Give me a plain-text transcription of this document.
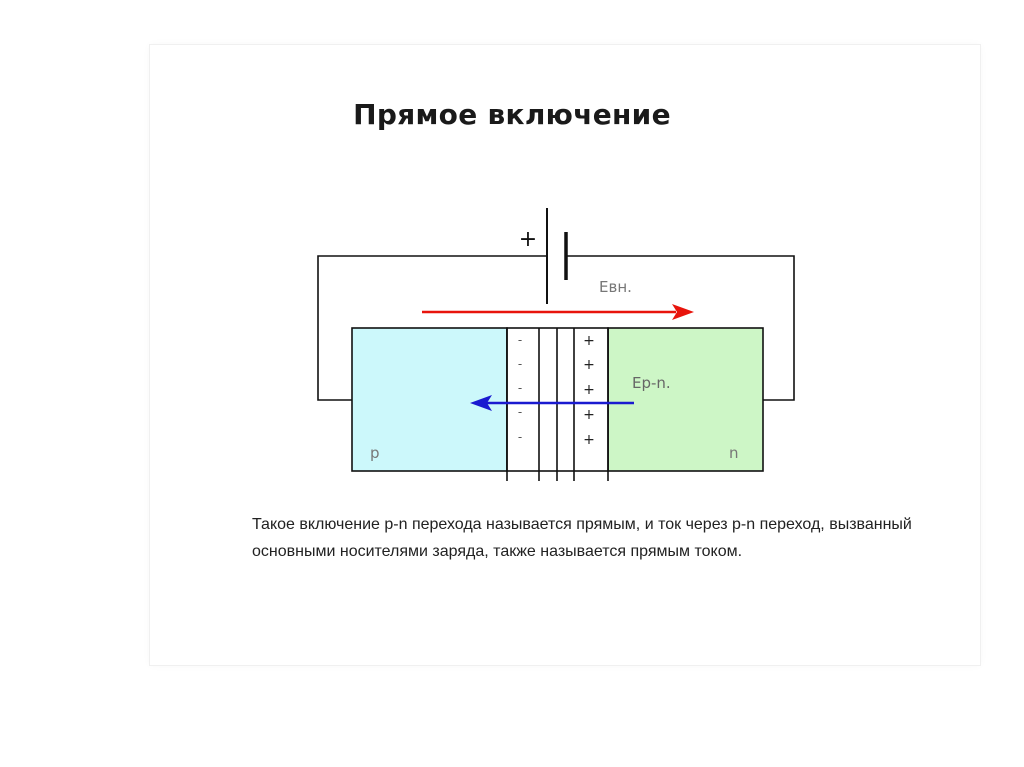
Прямое включение
+
Eвн.
-
-
-
-
-
+
+
+
+
+
Ep-n.
p	n
Такое включение p-n перехода называется прямым, и ток через p-n переход, вызванный основными носителями заряда, также называется прямым током.
